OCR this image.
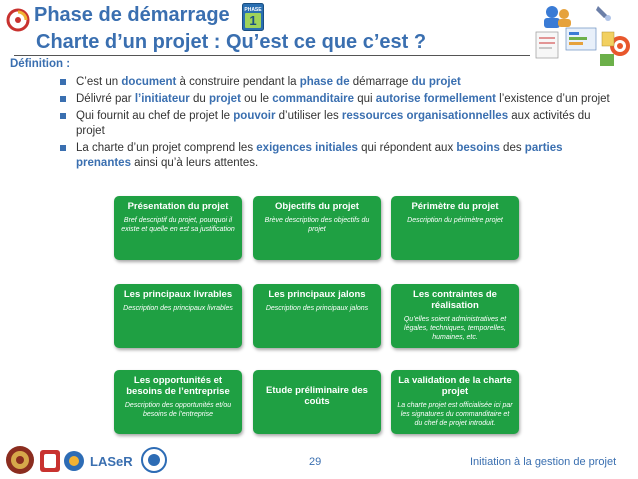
Phase de démarrage	PHASE
1
Charte d’un projet : Qu’est ce que c’est ?
Définition :
C’est un document à construire pendant la phase de démarrage du projet
Délivré par l’initiateur du projet ou le commanditaire qui autorise formellement l’existence d’un projet
Qui fournit au chef de projet le pouvoir d’utiliser les ressources organisationnelles aux activités du projet
La charte d’un projet comprend les exigences initiales qui répondent aux besoins des parties prenantes ainsi qu’à leurs attentes.
Présentation du projet
Bref descriptif du projet, pourquoi il existe et quelle en est sa justification
Objectifs du projet
Brève description des objectifs du projet
Périmètre du projet
Description du périmètre projet
Les principaux livrables
Description des principaux livrables
Les principaux jalons
Description des principaux jalons
Les contraintes de réalisation
Qu’elles soient administratives et légales, techniques, temporelles, humaines, etc.
Les opportunités et besoins de l’entreprise
Description des opportunités et/ou besoins de l’entreprise
Etude préliminaire des coûts
La validation de la charte projet
La charte projet est officialisée ici par les signatures du commanditaire et du chef de projet introduit.
LASeR	29	Initiation à la gestion de projet
